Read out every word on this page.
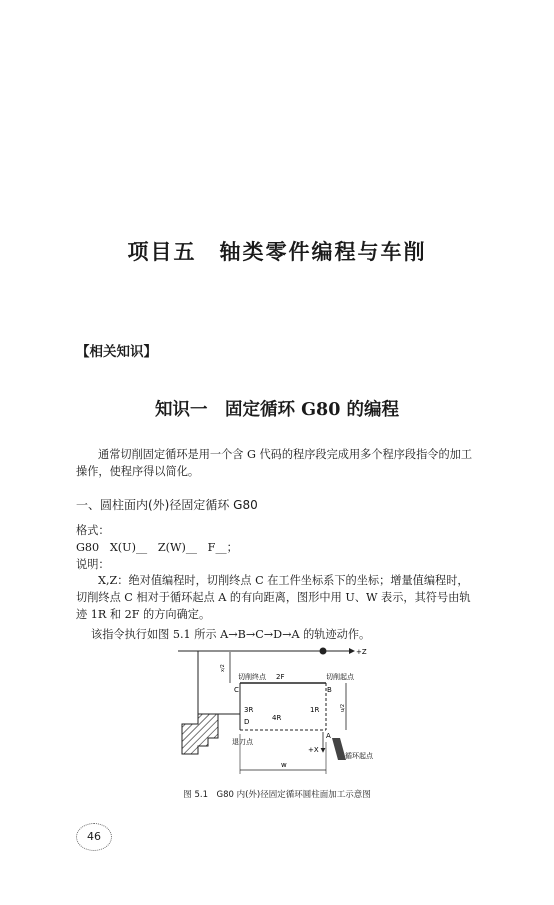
项目五　轴类零件编程与车削
【相关知识】
知识一　固定循环 G80 的编程
通常切削固定循环是用一个含 G 代码的程序段完成用多个程序段指令的加工操作，使程序得以简化。
一、圆柱面内(外)径固定循环 G80
格式：
G80   X(U)__   Z(W)__   F__；
说明：
X,Z：绝对值编程时，切削终点 C 在工件坐标系下的坐标；增量值编程时，切削终点 C 相对于循环起点 A 的有向距离，图形中用 U、W 表示，其符号由轨迹 1R 和 2F 的方向确定。
该指令执行如图 5.1 所示 A→B→C→D→A 的轨迹动作。
+Z
x/2
u/2
切削终点 2F	切削起点
C	B
3R
4R
1R
D
A
退刀点
+X
循环起点
w
图 5.1　G80 内(外)径固定循环圆柱面加工示意图
46
